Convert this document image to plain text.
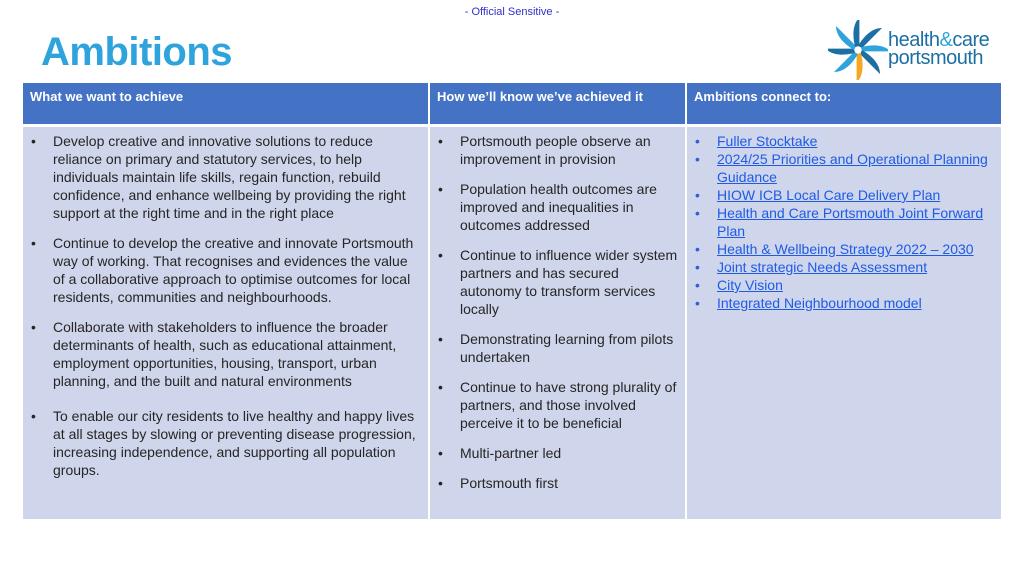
- Official Sensitive -
Ambitions	health&care
portsmouth
What we want to achieve
• Develop creative and innovative solutions to reduce reliance on primary and statutory services, to help individuals maintain life skills, regain function, rebuild confidence, and enhance wellbeing by providing the right support at the right time and in the right place
• Continue to develop the creative and innovate Portsmouth way of working. That recognises and evidences the value of a collaborative approach to optimise outcomes for local residents, communities and neighbourhoods.
• Collaborate with stakeholders to influence the broader determinants of health, such as educational attainment, employment opportunities, housing, transport, urban planning, and the built and natural environments
• To enable our city residents to live healthy and happy lives at all stages by slowing or preventing disease progression, increasing independence, and supporting all population groups.
How we’ll know we’ve achieved it
• Portsmouth people observe an improvement in provision
• Population health outcomes are improved and inequalities in outcomes addressed
• Continue to influence wider system partners and has secured autonomy to transform services locally
• Demonstrating learning from pilots undertaken
• Continue to have strong plurality of partners, and those involved perceive it to be beneficial
• Multi-partner led
• Portsmouth first
Ambitions connect to:
• Fuller Stocktake
• 2024/25 Priorities and Operational Planning Guidance
• HIOW ICB Local Care Delivery Plan
• Health and Care Portsmouth Joint Forward Plan
• Health & Wellbeing Strategy 2022 – 2030
• Joint strategic Needs Assessment
• City Vision
• Integrated Neighbourhood model
